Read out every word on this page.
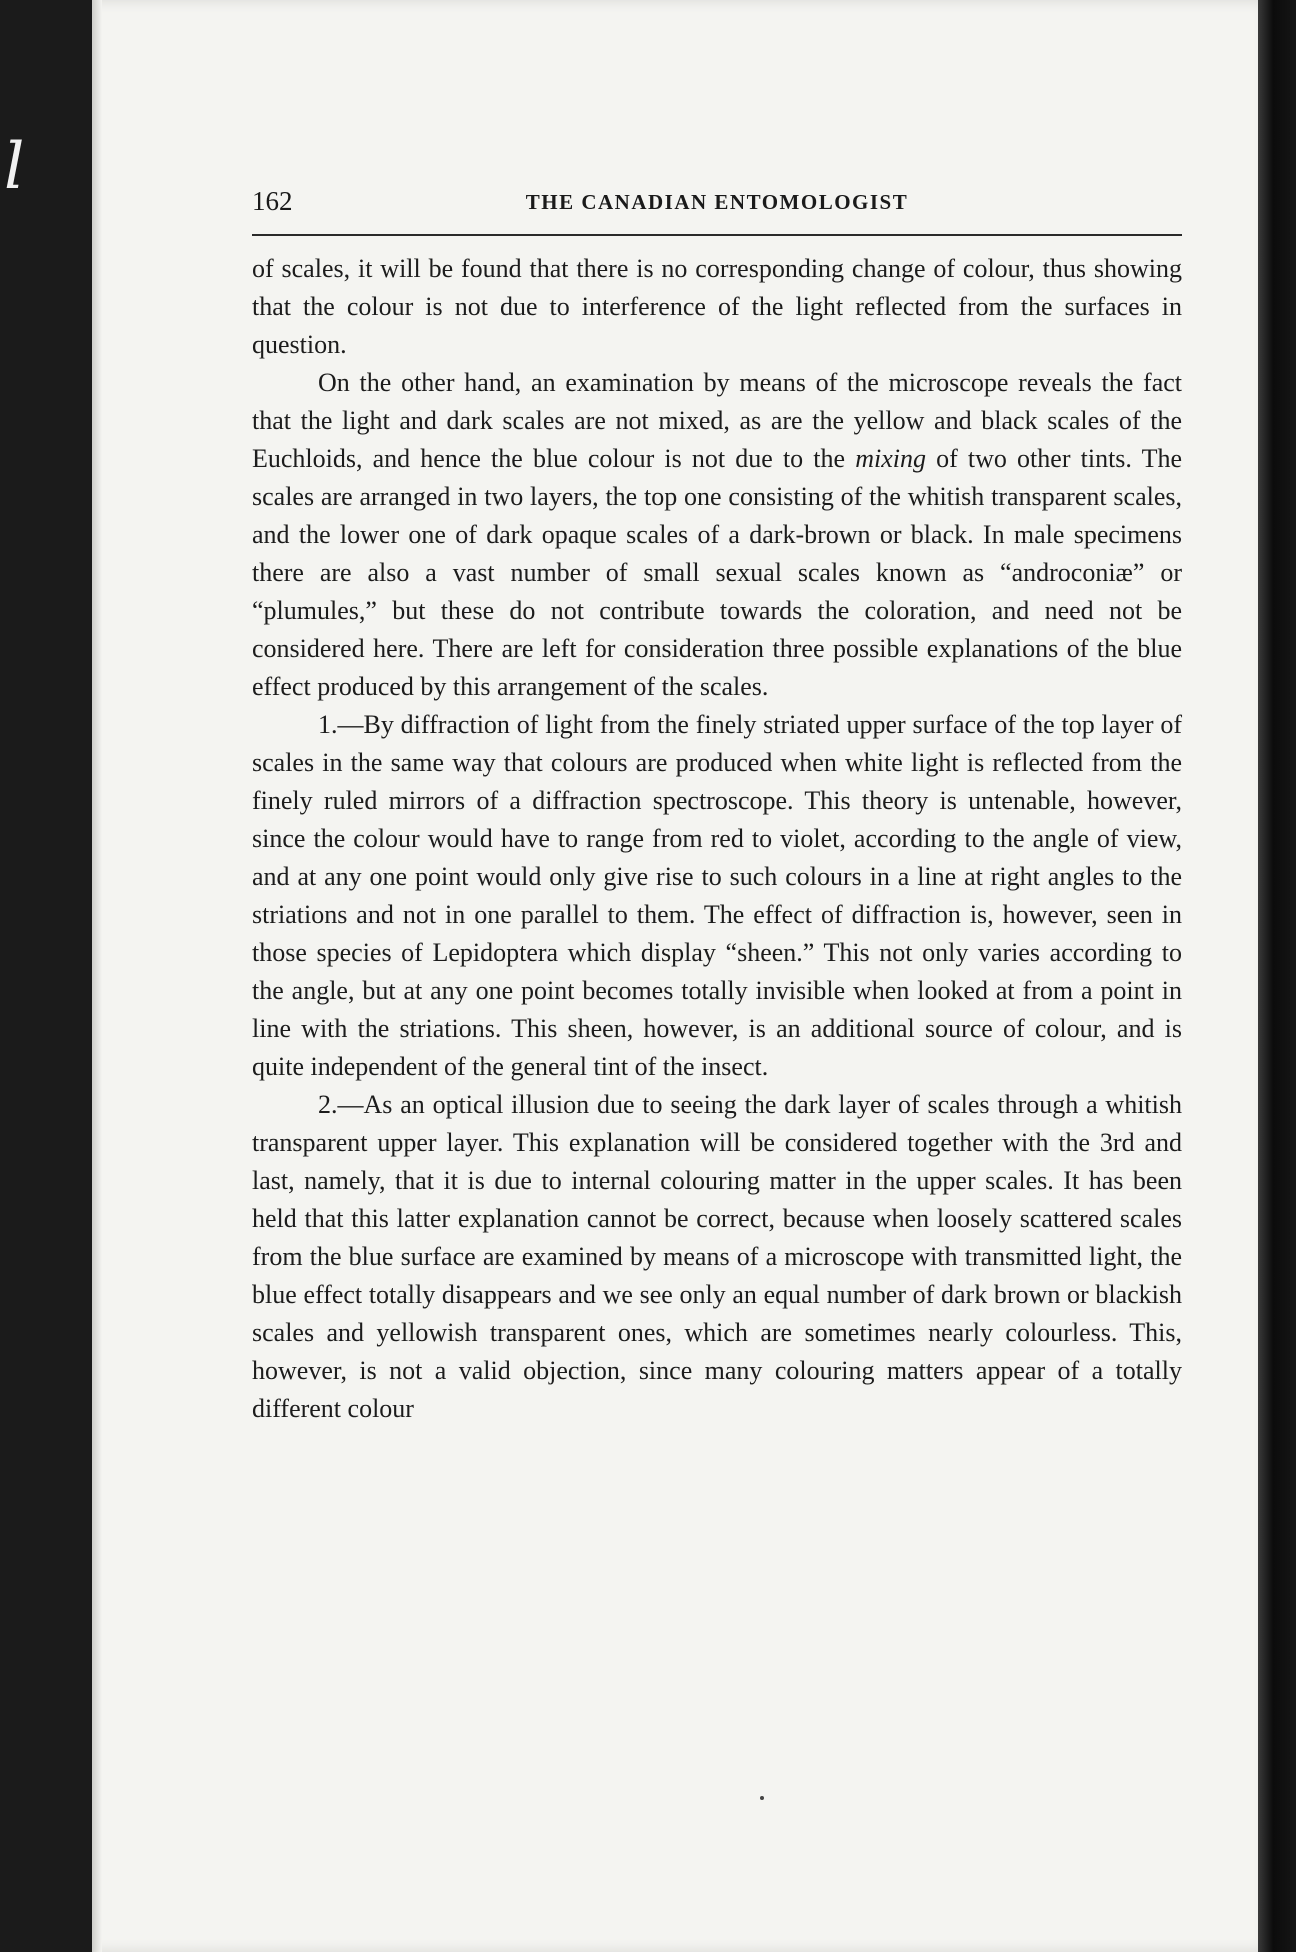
l	162	THE CANADIAN ENTOMOLOGIST

of scales, it will be found that there is no corresponding change of colour, thus showing that the colour is not due to interference of the light reflected from the surfaces in question.

On the other hand, an examination by means of the microscope reveals the fact that the light and dark scales are not mixed, as are the yellow and black scales of the Euchloids, and hence the blue colour is not due to the mixing of two other tints. The scales are arranged in two layers, the top one consisting of the whitish transparent scales, and the lower one of dark opaque scales of a dark-brown or black. In male specimens there are also a vast number of small sexual scales known as “androconiæ” or “plumules,” but these do not contribute towards the coloration, and need not be considered here. There are left for consideration three possible explanations of the blue effect produced by this arrangement of the scales.

1.—By diffraction of light from the finely striated upper surface of the top layer of scales in the same way that colours are produced when white light is reflected from the finely ruled mirrors of a diffraction spectroscope. This theory is untenable, however, since the colour would have to range from red to violet, according to the angle of view, and at any one point would only give rise to such colours in a line at right angles to the striations and not in one parallel to them. The effect of diffraction is, however, seen in those species of Lepidoptera which display “sheen.” This not only varies according to the angle, but at any one point becomes totally invisible when looked at from a point in line with the striations. This sheen, however, is an additional source of colour, and is quite independent of the general tint of the insect.

2.—As an optical illusion due to seeing the dark layer of scales through a whitish transparent upper layer. This explanation will be considered together with the 3rd and last, namely, that it is due to internal colouring matter in the upper scales. It has been held that this latter explanation cannot be correct, because when loosely scattered scales from the blue surface are examined by means of a microscope with transmitted light, the blue effect totally disappears and we see only an equal number of dark brown or blackish scales and yellowish transparent ones, which are sometimes nearly colourless. This, however, is not a valid objection, since many colouring matters appear of a totally different colour
